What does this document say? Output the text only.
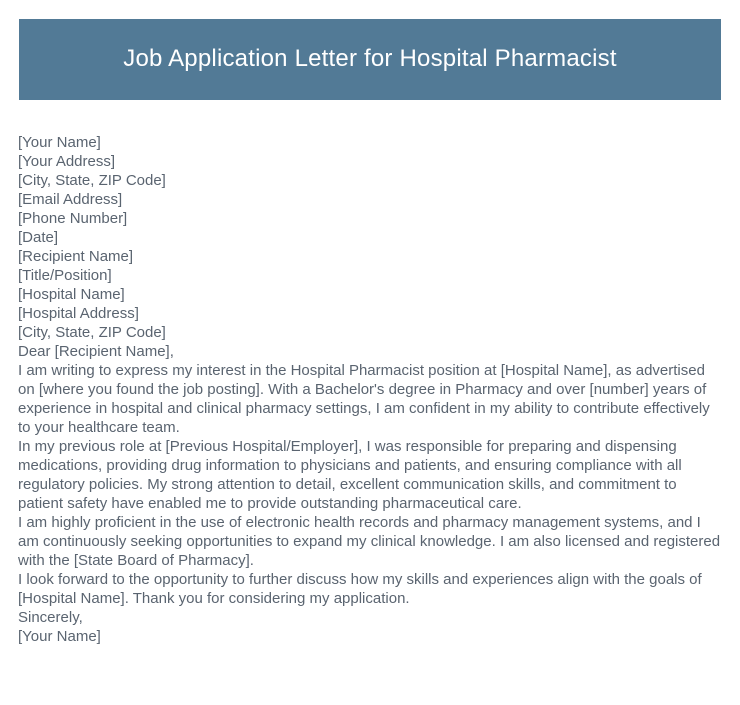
Job Application Letter for Hospital Pharmacist
[Your Name]
[Your Address]
[City, State, ZIP Code]
[Email Address]
[Phone Number]
[Date]
[Recipient Name]
[Title/Position]
[Hospital Name]
[Hospital Address]
[City, State, ZIP Code]
Dear [Recipient Name],

I am writing to express my interest in the Hospital Pharmacist position at [Hospital Name], as advertised on [where you found the job posting]. With a Bachelor's degree in Pharmacy and over [number] years of experience in hospital and clinical pharmacy settings, I am confident in my ability to contribute effectively to your healthcare team.

In my previous role at [Previous Hospital/Employer], I was responsible for preparing and dispensing medications, providing drug information to physicians and patients, and ensuring compliance with all regulatory policies. My strong attention to detail, excellent communication skills, and commitment to patient safety have enabled me to provide outstanding pharmaceutical care.

I am highly proficient in the use of electronic health records and pharmacy management systems, and I am continuously seeking opportunities to expand my clinical knowledge. I am also licensed and registered with the [State Board of Pharmacy].

I look forward to the opportunity to further discuss how my skills and experiences align with the goals of [Hospital Name]. Thank you for considering my application.

Sincerely,
[Your Name]
